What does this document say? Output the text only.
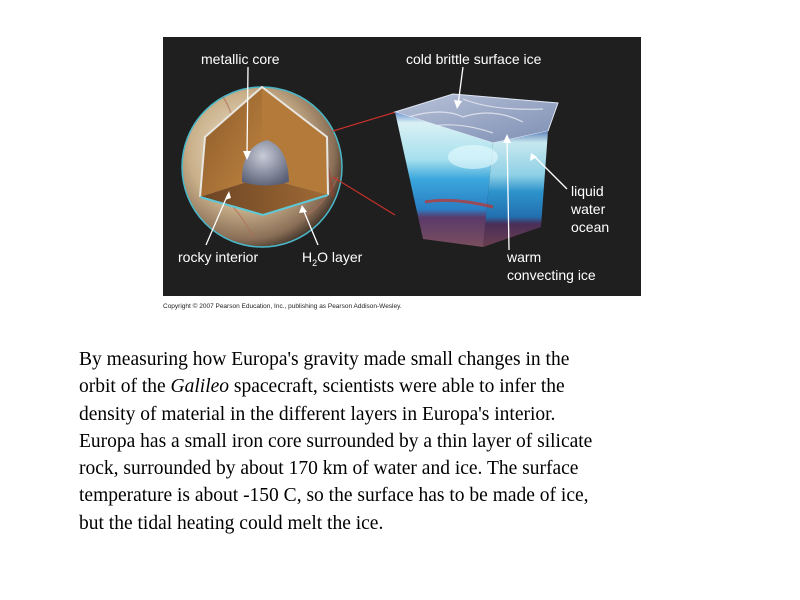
metallic core	cold brittle surface ice
liquid
water
ocean
rocky interior	$H_2O$ layer	warm
convecting ice
Copyright © 2007 Pearson Education, Inc., publishing as Pearson Addison-Wesley.

By measuring how Europa's gravity made small changes in the

orbit of the Galileo spacecraft, scientists were able to infer the

density of material in the different layers in Europa's interior.

Europa has a small iron core surrounded by a thin layer of silicate

rock, surrounded by about 170 km of water and ice. The surface

temperature is about -150 C, so the surface has to be made of ice,

but the tidal heating could melt the ice.
